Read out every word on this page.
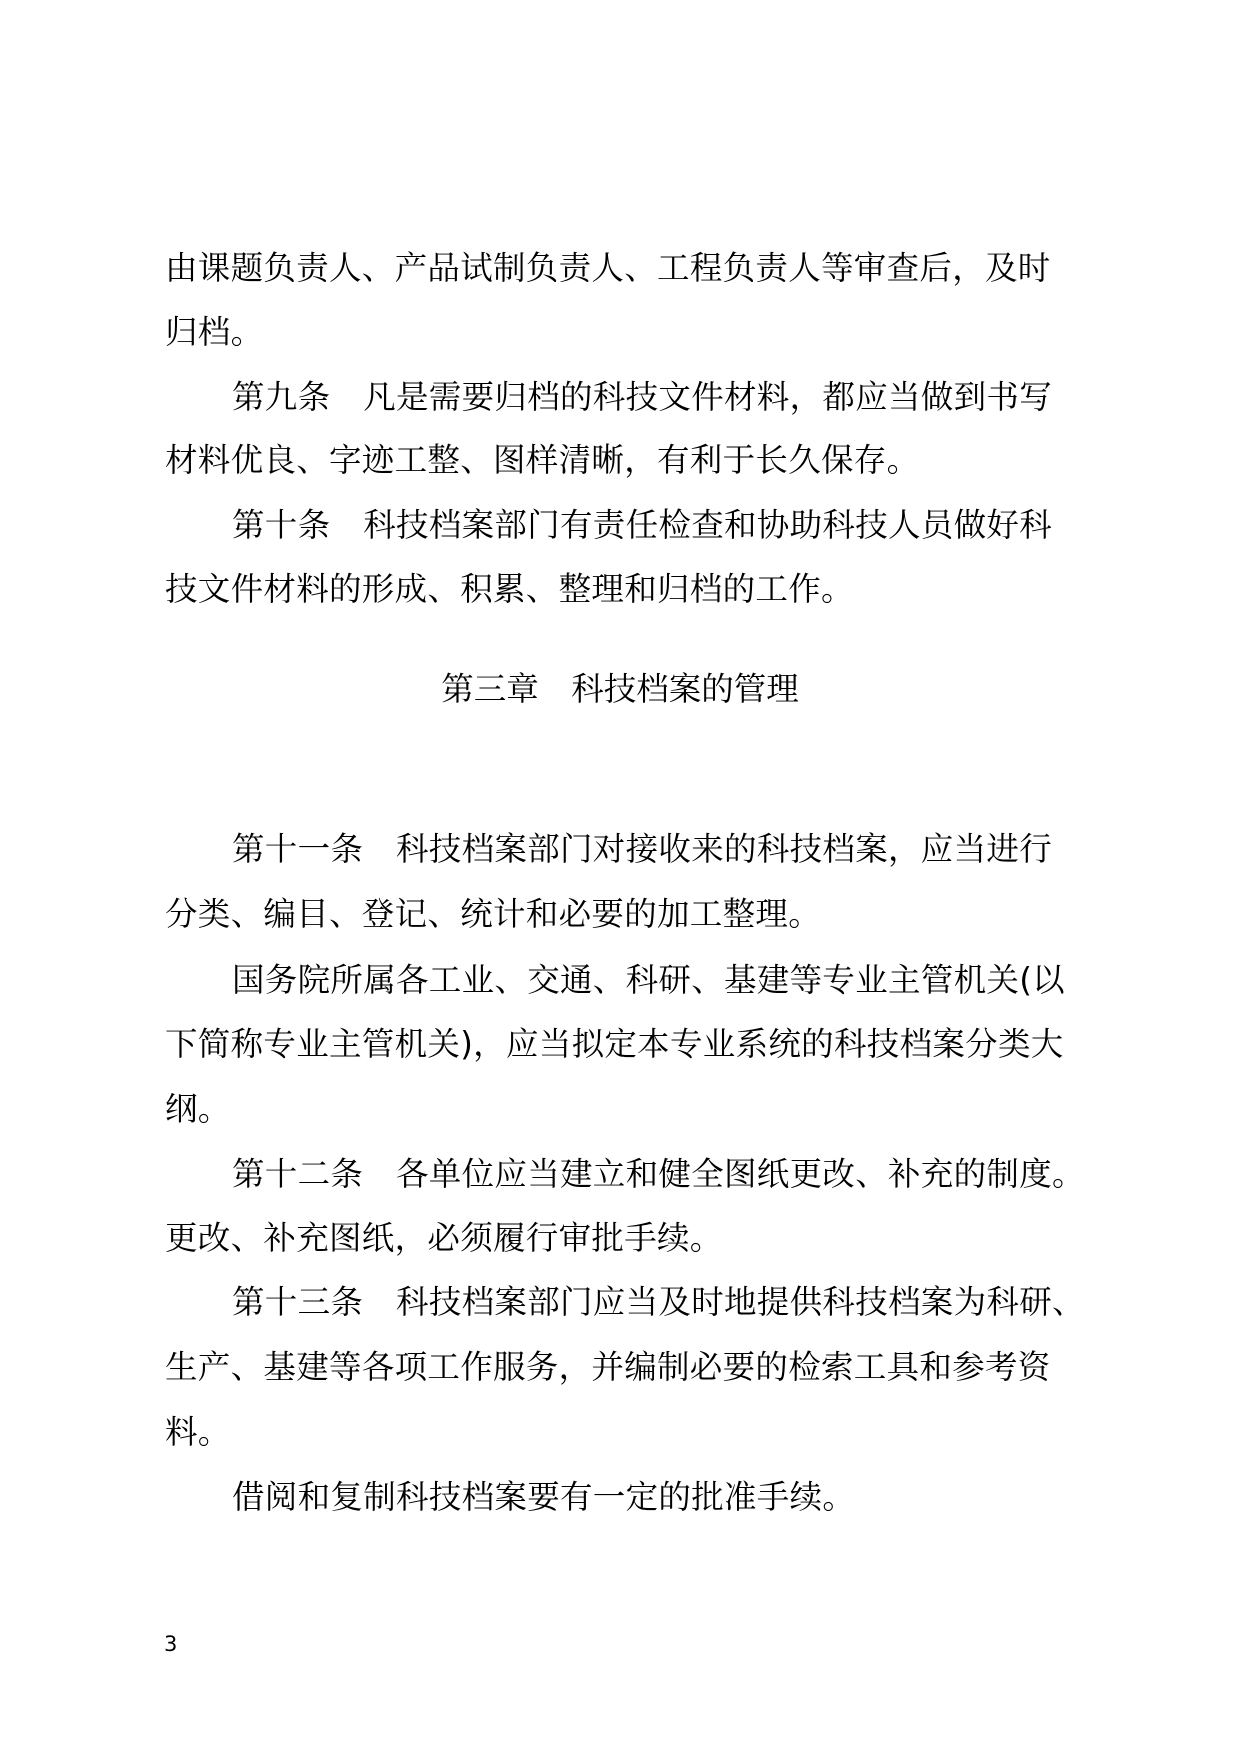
由课题负责人、产品试制负责人、工程负责人等审查后，及时

归档。

第九条　凡是需要归档的科技文件材料，都应当做到书写

材料优良、字迹工整、图样清晰，有利于长久保存。

第十条　科技档案部门有责任检查和协助科技人员做好科

技文件材料的形成、积累、整理和归档的工作。

第三章　科技档案的管理

第十一条　科技档案部门对接收来的科技档案，应当进行

分类、编目、登记、统计和必要的加工整理。

国务院所属各工业、交通、科研、基建等专业主管机关(以

下简称专业主管机关)，应当拟定本专业系统的科技档案分类大

纲。

第十二条　各单位应当建立和健全图纸更改、补充的制度。

更改、补充图纸，必须履行审批手续。

第十三条　科技档案部门应当及时地提供科技档案为科研、

生产、基建等各项工作服务，并编制必要的检索工具和参考资

料。

借阅和复制科技档案要有一定的批准手续。

3
